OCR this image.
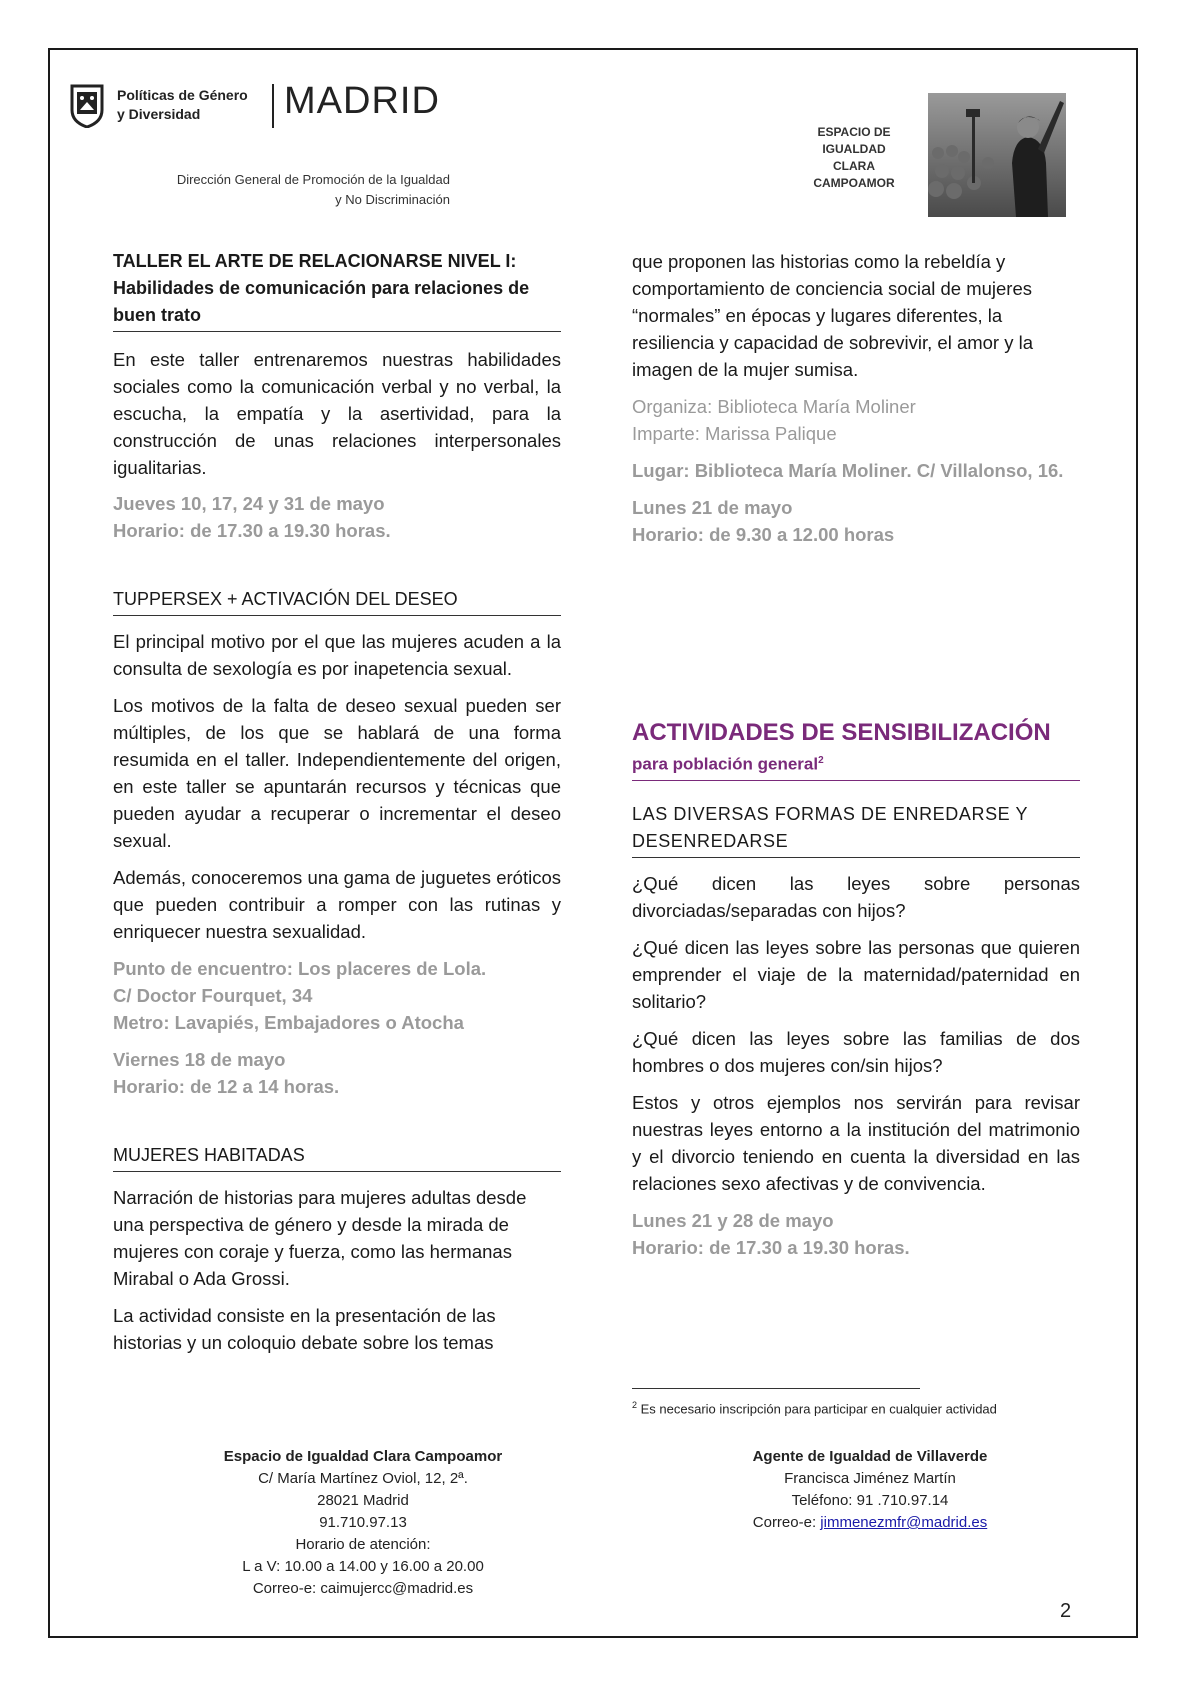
Políticas de Género
y Diversidad	MADRID
Dirección General de Promoción de la Igualdad
y No Discriminación
ESPACIO DE
IGUALDAD
CLARA
CAMPOAMOR
TALLER EL ARTE DE RELACIONARSE NIVEL I:
Habilidades de comunicación para relaciones de buen trato

En este taller entrenaremos nuestras habilidades sociales como la comunicación verbal y no verbal, la escucha, la empatía y la asertividad, para la construcción de unas relaciones interpersonales igualitarias.

Jueves 10, 17, 24 y 31 de mayo

Horario: de 17.30 a 19.30 horas.

TUPPERSEX + ACTIVACIÓN DEL DESEO

El principal motivo por el que las mujeres acuden a la consulta de sexología es por inapetencia sexual.

Los motivos de la falta de deseo sexual pueden ser múltiples, de los que se hablará de una forma resumida en el taller. Independientemente del origen, en este taller se apuntarán recursos y técnicas que pueden ayudar a recuperar o incrementar el deseo sexual.

Además, conoceremos una gama de juguetes eróticos que pueden contribuir a romper con las rutinas y enriquecer nuestra sexualidad.

Punto de encuentro: Los placeres de Lola.

C/ Doctor Fourquet, 34

Metro: Lavapiés, Embajadores o Atocha

Viernes 18 de mayo

Horario: de 12 a 14 horas.

MUJERES HABITADAS

Narración de historias para mujeres adultas desde una perspectiva de género y desde la mirada de mujeres con coraje y fuerza, como las hermanas Mirabal o Ada Grossi.

La actividad consiste en la presentación de las historias y un coloquio debate sobre los temas

que proponen las historias como la rebeldía y comportamiento de conciencia social de mujeres “normales” en épocas y lugares diferentes, la resiliencia y capacidad de sobrevivir, el amor y la imagen de la mujer sumisa.

Organiza: Biblioteca María Moliner

Imparte: Marissa Palique

Lugar: Biblioteca María Moliner. C/ Villalonso, 16.

Lunes 21 de mayo

Horario: de 9.30 a 12.00 horas

ACTIVIDADES DE SENSIBILIZACIÓN
para población general$^2$
LAS DIVERSAS FORMAS DE ENREDARSE Y DESENREDARSE

¿Qué dicen las leyes sobre personas divorciadas/separadas con hijos?

¿Qué dicen las leyes sobre las personas que quieren emprender el viaje de la maternidad/paternidad en solitario?

¿Qué dicen las leyes sobre las familias de dos hombres o dos mujeres con/sin hijos?

Estos y otros ejemplos nos servirán para revisar nuestras leyes entorno a la institución del matrimonio y el divorcio teniendo en cuenta la diversidad en las relaciones sexo afectivas y de convivencia.

Lunes 21 y 28 de mayo

Horario: de 17.30 a 19.30 horas.

$^2$ Es necesario inscripción para participar en cualquier actividad
Espacio de Igualdad Clara Campoamor
C/ María Martínez Oviol, 12, 2ª.
28021 Madrid
91.710.97.13
Horario de atención:
L a V: 10.00 a 14.00 y 16.00 a 20.00
Correo-e: caimujercc@madrid.es
Agente de Igualdad de Villaverde
Francisca Jiménez Martín
Teléfono: 91 .710.97.14
Correo-e: jimmenezmfr@madrid.es
2
